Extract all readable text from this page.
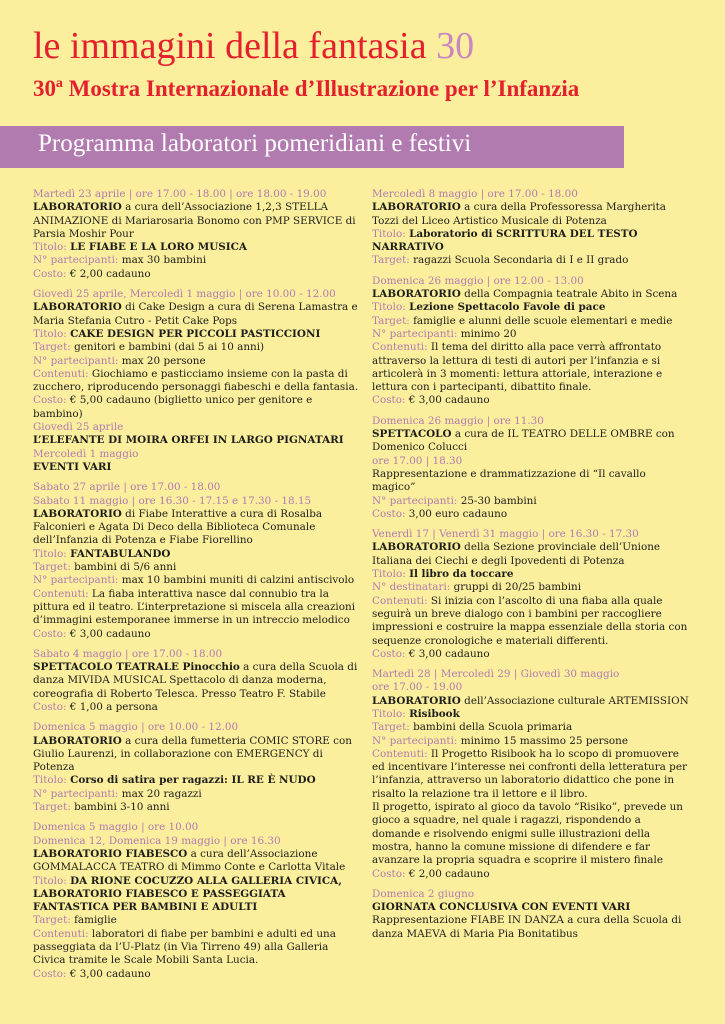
le immagini della fantasia 30
30ª Mostra Internazionale d’Illustrazione per l’Infanzia
Programma laboratori pomeridiani e festivi
Martedì 23 aprile | ore 17.00 - 18.00 | ore 18.00 - 19.00
LABORATORIO a cura dell’Associazione 1,2,3 STELLA ANIMAZIONE di Mariarosaria Bonomo con PMP SERVICE di Parsia Moshir Pour
Titolo: LE FIABE E LA LORO MUSICA
N° partecipanti: max 30 bambini
Costo: € 2,00 cadauno
Giovedì 25 aprile, Mercoledì 1 maggio | ore 10.00 - 12.00
LABORATORIO di Cake Design a cura di Serena Lamastra e Maria Stefania Cutro - Petit Cake Pops
Titolo: CAKE DESIGN PER PICCOLI PASTICCIONI
Target: genitori e bambini (dai 5 ai 10 anni)
N° partecipanti: max 20 persone
Contenuti: Giochiamo e pasticciamo insieme con la pasta di zucchero, riproducendo personaggi fiabeschi e della fantasia.
Costo: € 5,00 cadauno (biglietto unico per genitore e bambino)
Giovedì 25 aprile
L’ELEFANTE DI MOIRA ORFEI IN LARGO PIGNATARI
Mercoledì 1 maggio
EVENTI VARI
Sabato 27 aprile | ore 17.00 - 18.00
Sabato 11 maggio | ore 16.30 - 17.15 e 17.30 - 18.15
LABORATORIO di Fiabe Interattive a cura di Rosalba Falconieri e Agata Di Deco della Biblioteca Comunale dell’Infanzia di Potenza e Fiabe Fiorellino
Titolo: FANTABULANDO
Target: bambini di 5/6 anni
N° partecipanti: max 10 bambini muniti di calzini antiscivolo
Contenuti: La fiaba interattiva nasce dal connubio tra la pittura ed il teatro. L’interpretazione si miscela alla creazioni d’immagini estemporanee immerse in un intreccio melodico
Costo: € 3,00 cadauno
Sabato 4 maggio | ore 17.00 - 18.00
SPETTACOLO TEATRALE Pinocchio a cura della Scuola di danza MIVIDA MUSICAL Spettacolo di danza moderna, coreografia di Roberto Telesca. Presso Teatro F. Stabile
Costo: € 1,00 a persona
Domenica 5 maggio | ore 10.00 - 12.00
LABORATORIO a cura della fumetteria COMIC STORE con Giulio Laurenzi, in collaborazione con EMERGENCY di Potenza
Titolo: Corso di satira per ragazzi: IL RE È NUDO
N° partecipanti: max 20 ragazzi
Target: bambini 3-10 anni
Domenica 5 maggio | ore 10.00
Domenica 12, Domenica 19 maggio | ore 16.30
LABORATORIO FIABESCO a cura dell’Associazione GOMMALACCA TEATRO di Mimmo Conte e Carlotta Vitale
Titolo: DA RIONE COCUZZO ALLA GALLERIA CIVICA, LABORATORIO FIABESCO E PASSEGGIATA FANTASTICA PER BAMBINI E ADULTI
Target: famiglie
Contenuti: laboratori di fiabe per bambini e adulti ed una passeggiata da l’U-Platz (in Via Tirreno 49) alla Galleria Civica tramite le Scale Mobili Santa Lucia.
Costo: € 3,00 cadauno
Mercoledì 8 maggio | ore 17.00 - 18.00
LABORATORIO a cura della Professoressa Margherita Tozzi del Liceo Artistico Musicale di Potenza
Titolo: Laboratorio di SCRITTURA DEL TESTO NARRATIVO
Target: ragazzi Scuola Secondaria di I e II grado
Domenica 26 maggio | ore 12.00 - 13.00
LABORATORIO della Compagnia teatrale Abito in Scena
Titolo: Lezione Spettacolo Favole di pace
Target: famiglie e alunni delle scuole elementari e medie
N° partecipanti: minimo 20
Contenuti: Il tema del diritto alla pace verrà affrontato attraverso la lettura di testi di autori per l’infanzia e si articolerà in 3 momenti: lettura attoriale, interazione e lettura con i partecipanti, dibattito finale.
Costo: € 3,00 cadauno
Domenica 26 maggio | ore 11.30
SPETTACOLO a cura de IL TEATRO DELLE OMBRE con Domenico Colucci
ore 17.00 | 18.30
Rappresentazione e drammatizzazione di “Il cavallo magico”
N° partecipanti: 25-30 bambini
Costo: 3,00 euro cadauno
Venerdì 17 | Venerdì 31 maggio | ore 16.30 - 17.30
LABORATORIO della Sezione provinciale dell’Unione Italiana dei Ciechi e degli Ipovedenti di Potenza
Titolo: Il libro da toccare
N° destinatari: gruppi di 20/25 bambini
Contenuti: Si inizia con l’ascolto di una fiaba alla quale seguirà un breve dialogo con i bambini per raccogliere impressioni e costruire la mappa essenziale della storia con sequenze cronologiche e materiali differenti.
Costo: € 3,00 cadauno
Martedì 28 | Mercoledì 29 | Giovedì 30 maggio
ore 17.00 - 19.00
LABORATORIO dell’Associazione culturale ARTEMISSION
Titolo: Risibook
Target: bambini della Scuola primaria
N° partecipanti: minimo 15 massimo 25 persone
Contenuti: Il Progetto Risibook ha lo scopo di promuovere ed incentivare l’interesse nei confronti della letteratura per l’infanzia, attraverso un laboratorio didattico che pone in risalto la relazione tra il lettore e il libro.
Il progetto, ispirato al gioco da tavolo “Risiko”, prevede un gioco a squadre, nel quale i ragazzi, rispondendo a domande e risolvendo enigmi sulle illustrazioni della mostra, hanno la comune missione di difendere e far avanzare la propria squadra e scoprire il mistero finale
Costo: € 2,00 cadauno
Domenica 2 giugno
GIORNATA CONCLUSIVA CON EVENTI VARI
Rappresentazione FIABE IN DANZA a cura della Scuola di danza MAEVA di Maria Pia Bonitatibus
